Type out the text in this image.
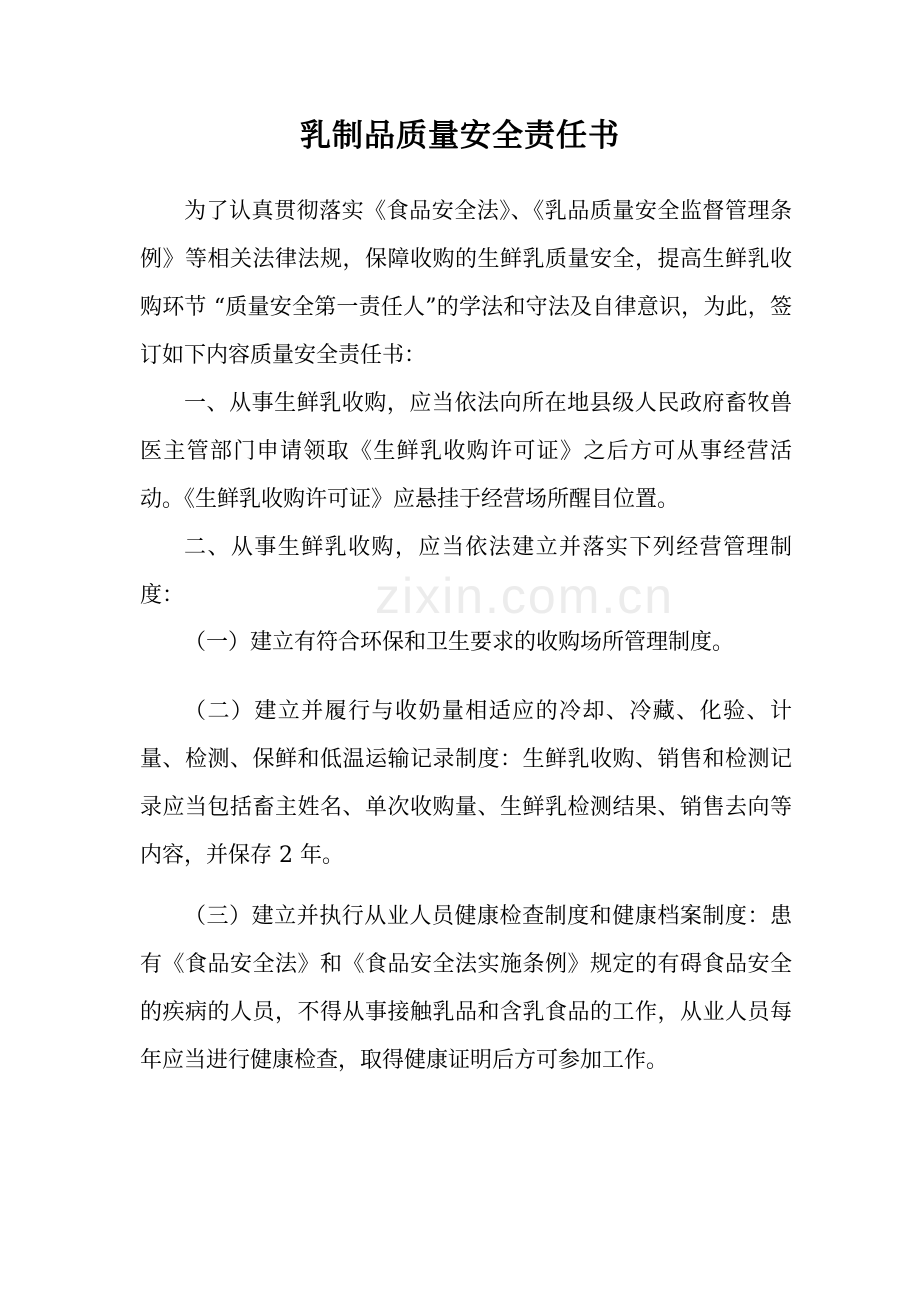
zixin.com.cn
乳制品质量安全责任书

为了认真贯彻落实《食品安全法》、《乳品质量安全监督管理条例》等相关法律法规，保障收购的生鲜乳质量安全，提高生鲜乳收购环节 “质量安全第一责任人”的学法和守法及自律意识，为此，签订如下内容质量安全责任书：

一、从事生鲜乳收购，应当依法向所在地县级人民政府畜牧兽医主管部门申请领取《生鲜乳收购许可证》之后方可从事经营活动。《生鲜乳收购许可证》应悬挂于经营场所醒目位置。

二、从事生鲜乳收购，应当依法建立并落实下列经营管理制度：

（一）建立有符合环保和卫生要求的收购场所管理制度。

（二）建立并履行与收奶量相适应的冷却、冷藏、化验、计量、检测、保鲜和低温运输记录制度：生鲜乳收购、销售和检测记录应当包括畜主姓名、单次收购量、生鲜乳检测结果、销售去向等内容，并保存 2 年。

（三）建立并执行从业人员健康检查制度和健康档案制度：患有《食品安全法》和《食品安全法实施条例》规定的有碍食品安全的疾病的人员，不得从事接触乳品和含乳食品的工作，从业人员每年应当进行健康检查，取得健康证明后方可参加工作。
